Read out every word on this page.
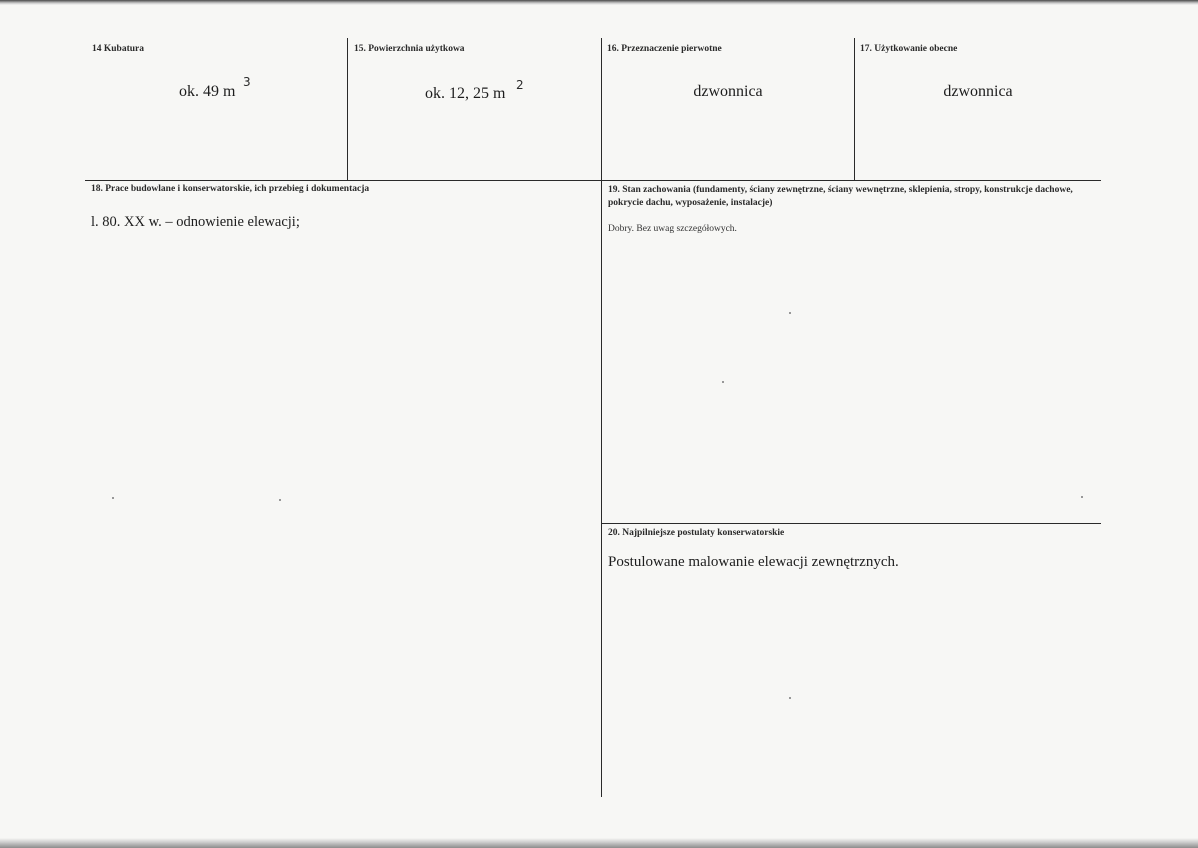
14 Kubatura
ok. 49 m
3
15. Powierzchnia użytkowa
ok. 12, 25 m 2
16. Przeznaczenie pierwotne
dzwonnica
17. Użytkowanie obecne
dzwonnica
18. Prace budowlane i konserwatorskie, ich przebieg i dokumentacja
l. 80. XX w. – odnowienie elewacji;
19. Stan zachowania (fundamenty, ściany zewnętrzne, ściany wewnętrzne, sklepienia, stropy, konstrukcje dachowe, pokrycie dachu, wyposażenie, instalacje)
Dobry. Bez uwag szczegółowych.
20. Najpilniejsze postulaty konserwatorskie
Postulowane malowanie elewacji zewnętrznych.
